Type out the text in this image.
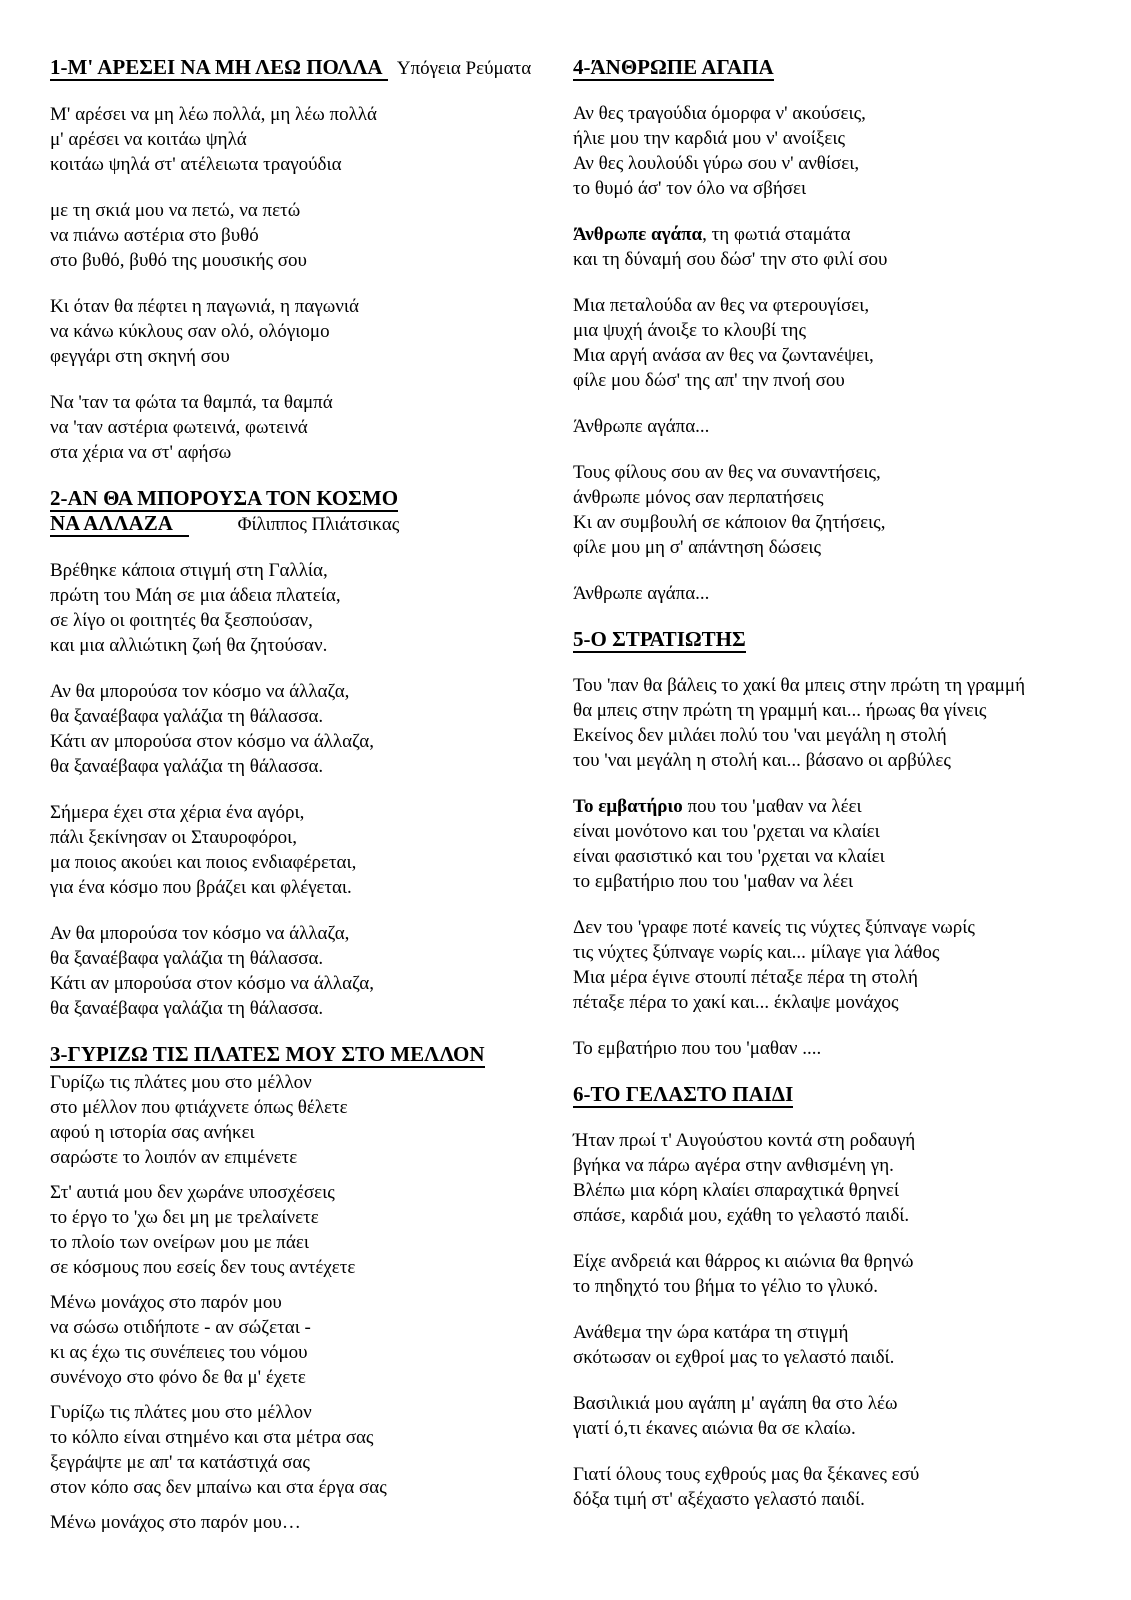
1-Μ' ΑΡΕΣΕΙ ΝΑ ΜΗ ΛΕΩ ΠΟΛΛΑ Υπόγεια Ρεύματα
Μ' αρέσει να μη λέω πολλά, μη λέω πολλά
μ' αρέσει να κοιτάω ψηλά
κοιτάω ψηλά στ' ατέλειωτα τραγούδια
με τη σκιά μου να πετώ, να πετώ
να πιάνω αστέρια στο βυθό
στο βυθό, βυθό της μουσικής σου
Κι όταν θα πέφτει η παγωνιά, η παγωνιά
να κάνω κύκλους σαν ολό, ολόγιομο
φεγγάρι στη σκηνή σου
Να 'ταν τα φώτα τα θαμπά, τα θαμπά
να 'ταν αστέρια φωτεινά, φωτεινά
στα χέρια να στ' αφήσω
2-ΑΝ ΘΑ ΜΠΟΡΟΥΣΑ ΤΟΝ ΚΟΣΜΟ
ΝΑ ΑΛΛΑΖΑ	Φίλιππος Πλιάτσικας
Βρέθηκε κάποια στιγμή στη Γαλλία,
πρώτη του Μάη σε μια άδεια πλατεία,
σε λίγο οι φοιτητές θα ξεσπούσαν,
και μια αλλιώτικη ζωή θα ζητούσαν.
Αν θα μπορούσα τον κόσμο να άλλαζα,
θα ξαναέβαφα γαλάζια τη θάλασσα.
Κάτι αν μπορούσα στον κόσμο να άλλαζα,
θα ξαναέβαφα γαλάζια τη θάλασσα.
Σήμερα έχει στα χέρια ένα αγόρι,
πάλι ξεκίνησαν οι Σταυροφόροι,
μα ποιος ακούει και ποιος ενδιαφέρεται,
για ένα κόσμο που βράζει και φλέγεται.
Αν θα μπορούσα τον κόσμο να άλλαζα,
θα ξαναέβαφα γαλάζια τη θάλασσα.
Κάτι αν μπορούσα στον κόσμο να άλλαζα,
θα ξαναέβαφα γαλάζια τη θάλασσα.
3-ΓΥΡΙΖΩ ΤΙΣ ΠΛΑΤΕΣ ΜΟΥ ΣΤΟ ΜΕΛΛΟΝ
Γυρίζω τις πλάτες μου στο μέλλον
στο μέλλον που φτιάχνετε όπως θέλετε
αφού η ιστορία σας ανήκει
σαρώστε το λοιπόν αν επιμένετε
Στ' αυτιά μου δεν χωράνε υποσχέσεις
το έργο το 'χω δει μη με τρελαίνετε
το πλοίο των ονείρων μου με πάει
σε κόσμους που εσείς δεν τους αντέχετε
Μένω μονάχος στο παρόν μου
να σώσω οτιδήποτε - αν σώζεται -
κι ας έχω τις συνέπειες του νόμου
συνένοχο στο φόνο δε θα μ' έχετε
Γυρίζω τις πλάτες μου στο μέλλον
το κόλπο είναι στημένο και στα μέτρα σας
ξεγράψτε με απ' τα κατάστιχά σας
στον κόπο σας δεν μπαίνω και στα έργα σας
Μένω μονάχος στο παρόν μου…
4-ΆΝΘΡΩΠΕ ΑΓΑΠΑ
Αν θες τραγούδια όμορφα ν' ακούσεις,
ήλιε μου την καρδιά μου ν' ανοίξεις
Αν θες λουλούδι γύρω σου ν' ανθίσει,
το θυμό άσ' τον όλο να σβήσει
Άνθρωπε αγάπα, τη φωτιά σταμάτα
και τη δύναμή σου δώσ' την στο φιλί σου
Μια πεταλούδα αν θες να φτερουγίσει,
μια ψυχή άνοιξε το κλουβί της
Μια αργή ανάσα αν θες να ζωντανέψει,
φίλε μου δώσ' της απ' την πνοή σου
Άνθρωπε αγάπα...
Τους φίλους σου αν θες να συναντήσεις,
άνθρωπε μόνος σαν περπατήσεις
Κι αν συμβουλή σε κάποιον θα ζητήσεις,
φίλε μου μη σ' απάντηση δώσεις
Άνθρωπε αγάπα...
5-Ο ΣΤΡΑΤΙΩΤΗΣ
Του 'παν θα βάλεις το χακί θα μπεις στην πρώτη τη γραμμή
θα μπεις στην πρώτη τη γραμμή και... ήρωας θα γίνεις
Εκείνος δεν μιλάει πολύ του 'ναι μεγάλη η στολή
του 'ναι μεγάλη η στολή και... βάσανο οι αρβύλες
Το εμβατήριο που του 'μαθαν να λέει
είναι μονότονο και του 'ρχεται να κλαίει
είναι φασιστικό και του 'ρχεται να κλαίει
το εμβατήριο που του 'μαθαν να λέει
Δεν του 'γραφε ποτέ κανείς τις νύχτες ξύπναγε νωρίς
τις νύχτες ξύπναγε νωρίς και... μίλαγε για λάθος
Μια μέρα έγινε στουπί πέταξε πέρα τη στολή
πέταξε πέρα το χακί και... έκλαψε μονάχος
Το εμβατήριο που του 'μαθαν ....
6-ΤΟ ΓΕΛΑΣΤΟ ΠΑΙΔΙ
Ήταν πρωί τ' Αυγούστου κοντά στη ροδαυγή
βγήκα να πάρω αγέρα στην ανθισμένη γη.
Βλέπω μια κόρη κλαίει σπαραχτικά θρηνεί
σπάσε, καρδιά μου, εχάθη το γελαστό παιδί.
Είχε ανδρειά και θάρρος κι αιώνια θα θρηνώ
το πηδηχτό του βήμα το γέλιο το γλυκό.
Ανάθεμα την ώρα κατάρα τη στιγμή
σκότωσαν οι εχθροί μας το γελαστό παιδί.
Βασιλικιά μου αγάπη μ' αγάπη θα στο λέω
γιατί ό,τι έκανες αιώνια θα σε κλαίω.
Γιατί όλους τους εχθρούς μας θα ξέκανες εσύ
δόξα τιμή στ' αξέχαστο γελαστό παιδί.
